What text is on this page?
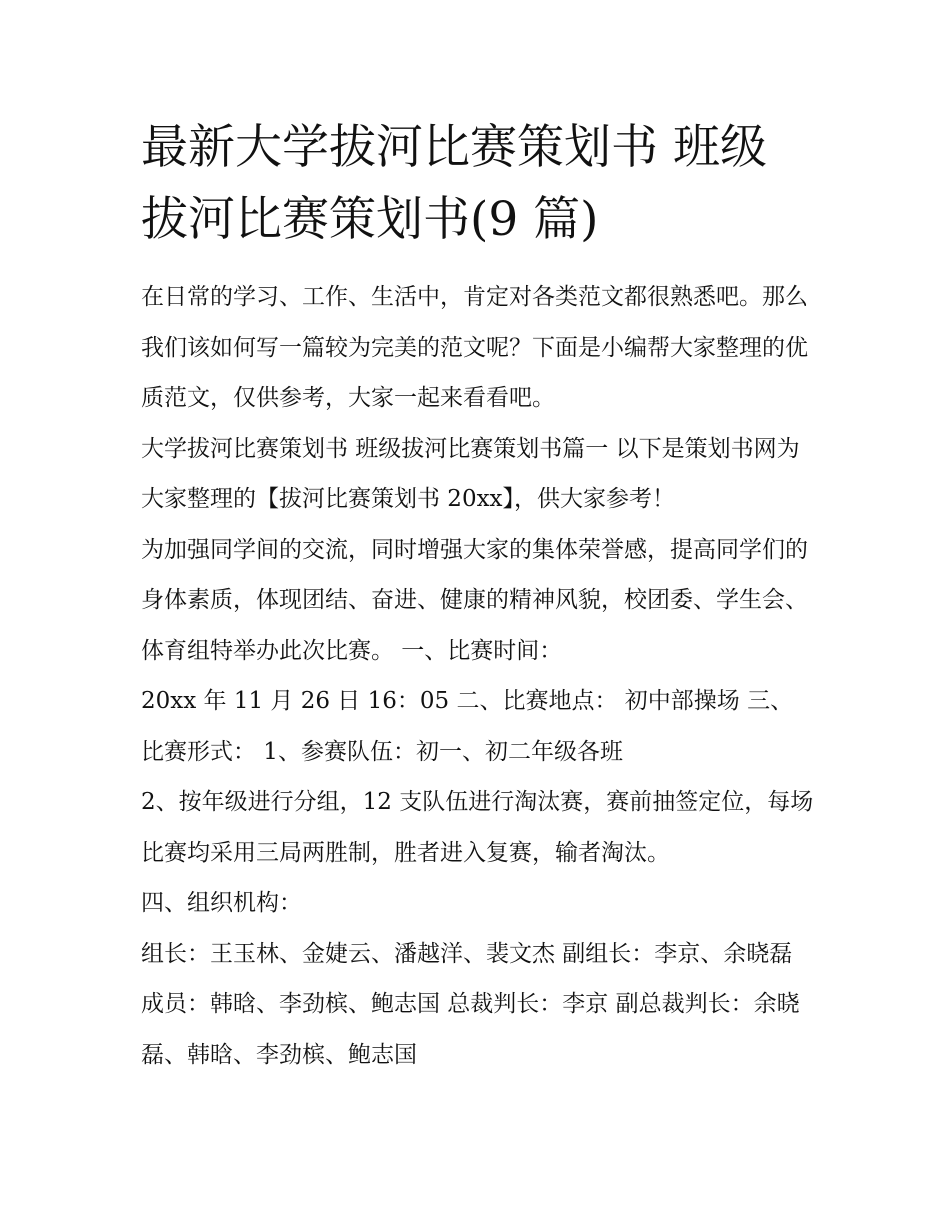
最新大学拔河比赛策划书 班级
拔河比赛策划书(9 篇)

在日常的学习、工作、生活中，肯定对各类范文都很熟悉吧。那么我们该如何写一篇较为完美的范文呢？下面是小编帮大家整理的优质范文，仅供参考，大家一起来看看吧。

大学拔河比赛策划书 班级拔河比赛策划书篇一 以下是策划书网为大家整理的【拔河比赛策划书 20xx】，供大家参考！

为加强同学间的交流，同时增强大家的集体荣誉感，提高同学们的身体素质，体现团结、奋进、健康的精神风貌，校团委、学生会、体育组特举办此次比赛。 一、比赛时间：

20xx 年 11 月 26 日 16：05 二、比赛地点： 初中部操场 三、比赛形式： 1、参赛队伍：初一、初二年级各班

2、按年级进行分组，12 支队伍进行淘汰赛，赛前抽签定位，每场比赛均采用三局两胜制，胜者进入复赛，输者淘汰。

四、组织机构：

组长：王玉林、金婕云、潘越洋、裴文杰 副组长：李京、余晓磊 成员：韩晗、李劲槟、鲍志国 总裁判长：李京 副总裁判长：余晓磊、韩晗、李劲槟、鲍志国
